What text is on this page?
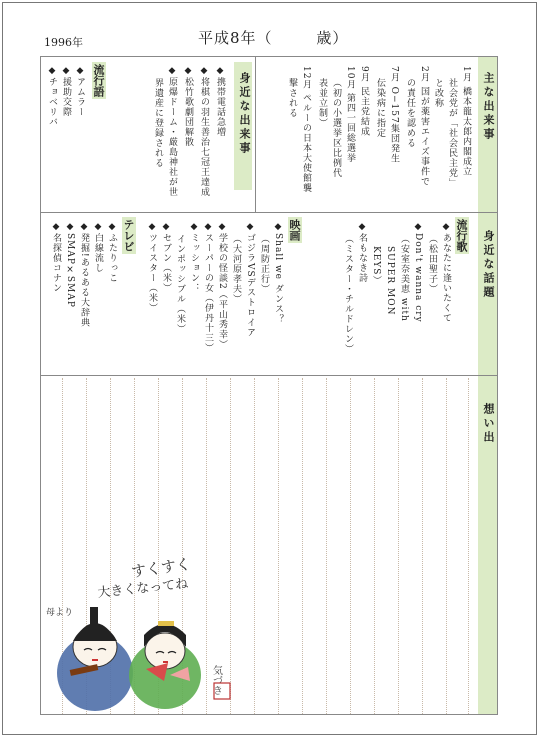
1996年	平成8年（	歳）
主な出来事
身近な話題
想い出
身近な出来事	1月 橋本龍太郎内閣成立
社会党が「社会民主党」
と改称
2月 国が薬害エイズ事件で
の責任を認める
7月 O−157集団発生
伝染病に指定
9月 民主党結成
10月 第四一回総選挙
（初の小選挙区比例代
表並立制）
12月 ペルーの日本大使館襲
撃される
◆携帯電話急増
◆将棋の羽生善治七冠王達成
◆松竹歌劇団解散
◆原爆ドーム・厳島神社が世
界遺産に登録される
流行語
◆アムラー
◆援助交際
◆チョベリバ
流行歌
◆あなたに逢いたくて
（松田聖子）
◆Don't wanna cry
（安室奈美恵 with
SUPER MON
KEYS）
◆名もなき詩
（ミスター・チルドレン）
映画
◆Shall we ダンス？
（周防正行）
◆ゴジラVSデストロイア
（大河原孝夫）
◆学校の怪談2（平山秀幸）
◆スーパーの女（伊丹十三）
◆ミッション：
インポッシブル（米）
◆セブン（米）
◆ツイスター（米）
テレビ
◆ふたりっこ
◆白線流し
◆発掘!あるある大辞典
◆SMAP×SMAP
◆名探偵コナン
すくすく
大きくなってね
母より
気づき
